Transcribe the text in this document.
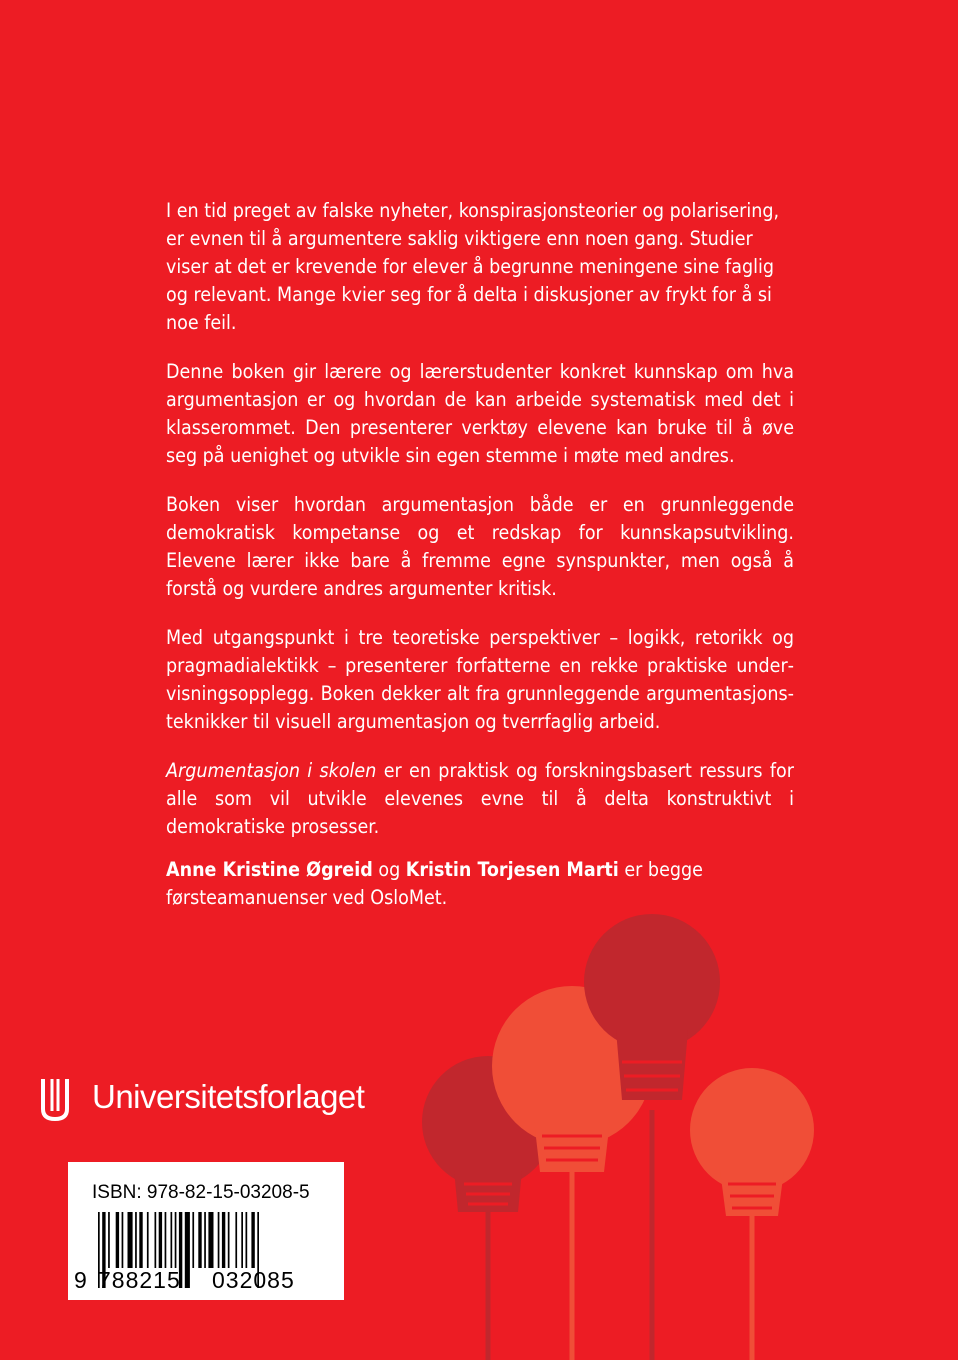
I en tid preget av falske nyheter, konspirasjonsteorier og polarisering, er evnen til å argumentere saklig viktigere enn noen gang. Studier viser at det er krevende for elever å begrunne meningene sine faglig og relevant. Mange kvier seg for å delta i diskusjoner av frykt for å si noe feil.

Denne boken gir lærere og lærerstudenter konkret kunnskap om hva argumentasjon er og hvordan de kan arbeide systematisk med det i klasserommet. Den presenterer verktøy elevene kan bruke til å øve seg på uenighet og utvikle sin egen stemme i møte med andres.

Boken viser hvordan argumentasjon både er en grunnleggende demokratisk kompetanse og et redskap for kunnskapsutvikling. Elevene lærer ikke bare å fremme egne synspunkter, men også å forstå og vurdere andres argumenter kritisk.

Med utgangspunkt i tre teoretiske perspektiver – logikk, retorikk og pragmadialektikk – presenterer forfatterne en rekke praktiske undervisningsopplegg. Boken dekker alt fra grunnleggende argumentasjonsteknikker til visuell argumentasjon og tverrfaglig arbeid.

Argumentasjon i skolen er en praktisk og forskningsbasert ressurs for alle som vil utvikle elevenes evne til å delta konstruktivt i demokratiske prosesser.

Anne Kristine Øgreid og Kristin Torjesen Marti er begge førsteamanuenser ved OsloMet.
Universitetsforlaget
ISBN: 978-82-15-03208-5
9 788215 032085
